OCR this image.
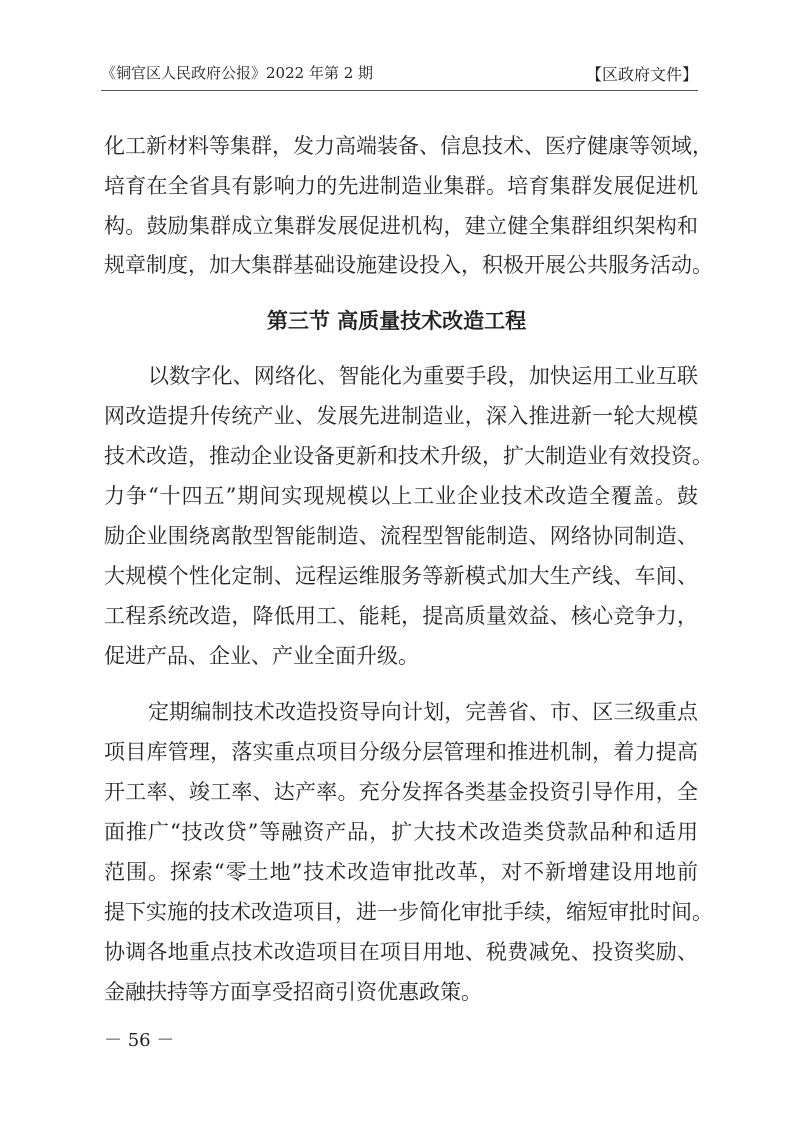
《铜官区人民政府公报》2022 年第 2 期	【区政府文件】
化工新材料等集群，发力高端装备、信息技术、医疗健康等领域，
培育在全省具有影响力的先进制造业集群。培育集群发展促进机
构。鼓励集群成立集群发展促进机构，建立健全集群组织架构和
规章制度，加大集群基础设施建设投入，积极开展公共服务活动。
第三节 高质量技术改造工程
以数字化、网络化、智能化为重要手段，加快运用工业互联
网改造提升传统产业、发展先进制造业，深入推进新一轮大规模
技术改造，推动企业设备更新和技术升级，扩大制造业有效投资。
力争“十四五”期间实现规模以上工业企业技术改造全覆盖。鼓
励企业围绕离散型智能制造、流程型智能制造、网络协同制造、
大规模个性化定制、远程运维服务等新模式加大生产线、车间、
工程系统改造，降低用工、能耗，提高质量效益、核心竞争力，
促进产品、企业、产业全面升级。
定期编制技术改造投资导向计划，完善省、市、区三级重点
项目库管理，落实重点项目分级分层管理和推进机制，着力提高
开工率、竣工率、达产率。充分发挥各类基金投资引导作用，全
面推广“技改贷”等融资产品，扩大技术改造类贷款品种和适用
范围。探索“零土地”技术改造审批改革，对不新增建设用地前
提下实施的技术改造项目，进一步简化审批手续，缩短审批时间。
协调各地重点技术改造项目在项目用地、税费减免、投资奖励、
金融扶持等方面享受招商引资优惠政策。
－ 56 －
